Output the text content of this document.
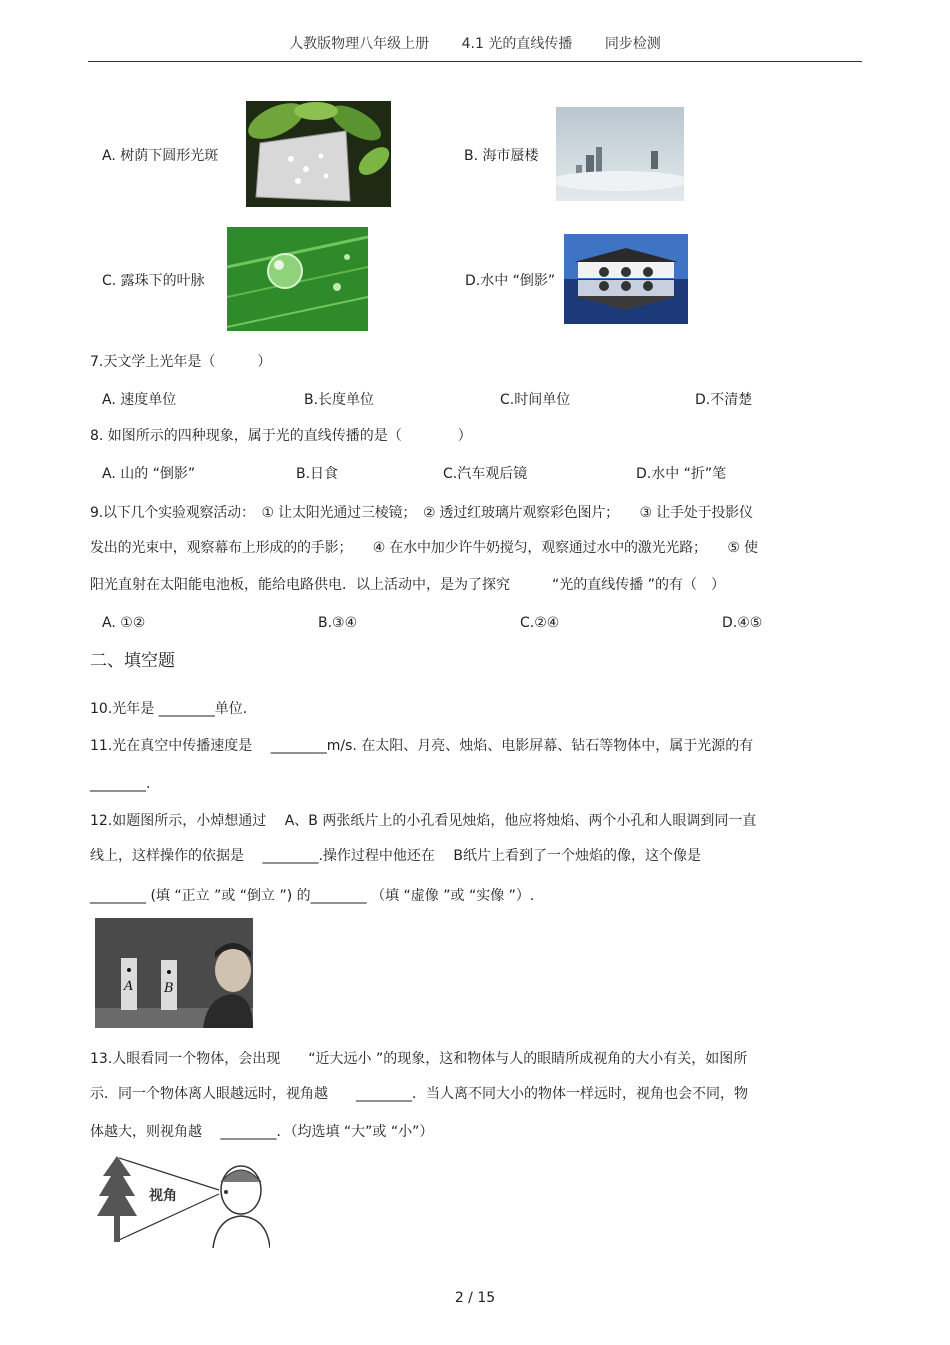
人教版物理八年级上册 4.1 光的直线传播 同步检测
A. 树荫下圆形光斑	B. 海市蜃楼
C. 露珠下的叶脉	D.水中 “倒影”
7.天文学上光年是（　　　）
A. 速度单位	B.长度单位	C.时间单位	D.不清楚
8. 如图所示的四种现象，属于光的直线传播的是（　　　　）
A. 山的 “倒影”	B.日食	C.汽车观后镜	D.水中 “折”笔
9.以下几个实验观察活动：　① 让太阳光通过三棱镜；　② 透过红玻璃片观察彩色图片；　　③ 让手处于投影仪
发出的光束中，观察幕布上形成的的手影；　　④ 在水中加少许牛奶搅匀，观察通过水中的激光光路；　　⑤ 使
阳光直射在太阳能电池板，能给电路供电．以上活动中，是为了探究　　　“光的直线传播 ”的有（　）
A. ①②	B.③④	C.②④	D.④⑤
二、填空题
10.光年是 ________单位.
11.光在真空中传播速度是　 ________m/s. 在太阳、月亮、烛焰、电影屏幕、钻石等物体中，属于光源的有
________.
12.如题图所示，小焯想通过　 A、B 两张纸片上的小孔看见烛焰，他应将烛焰、两个小孔和人眼调到同一直
线上，这样操作的依据是　 ________.操作过程中他还在　 B纸片上看到了一个烛焰的像，这个像是
________ (填 “正立 ”或 “倒立 ”) 的________ （填 “虚像 ”或 “实像 ”）.
A B
13.人眼看同一个物体，会出现　　“近大远小 ”的现象，这和物体与人的眼睛所成视角的大小有关，如图所
示．同一个物体离人眼越远时，视角越　　________．当人离不同大小的物体一样远时，视角也会不同，物
体越大，则视角越　 ________．（均选填 “大”或 “小”）
视角
2 / 15
